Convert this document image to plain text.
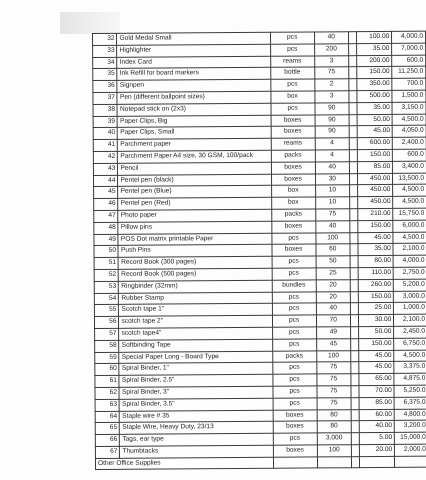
32	Gold Medal Small	pcs	40		100.00	4,000.0
33	Highlighter	pcs	200		35.00	7,000.0
34	Index Card	reams	3		200.00	600.0
35	Ink Refill for board markers	bottle	75		150.00	11,250.0
36	Signpen	pcs	2		350.00	700.0
37	Pen (different ballpoint sizes)	box	3		500.00	1,500.0
38	Notepad stick on (2x3)	pcs	90		35.00	3,150.0
39	Paper Clips, Big	boxes	90		50.00	4,500.0
40	Paper Clips, Small	boxes	90		45.00	4,050.0
41	Parchment paper	reams	4		600.00	2,400.0
42	Parchment Paper A4 size, 30 GSM, 100/pack	packs	4		150.00	600.0
43	Pencil	boxes	40		85.00	3,400.0
44	Pentel pen (black)	boxes	30		450.00	13,500.0
45	Pentel pen (Blue)	box	10		450.00	4,500.0
46	Pentel pen (Red)	box	10		450.00	4,500.0
47	Photo paper	packs	75		210.00	15,750.0
48	Pillow pins	boxes	40		150.00	6,000.0
49	POS Dot matrix printable Paper	pcs	100		45.00	4,500.0
50	Push Pins	boxes	60		35.00	2,100.0
51	Record Book (300 pages)	pcs	50		80.00	4,000.0
52	Record Book (500 pages)	pcs	25		110.00	2,750.0
53	Ringbinder (32mm)	bundles	20		260.00	5,200.0
54	Rubber Stamp	pcs	20		150.00	3,000.0
55	Scotch tape 1"	pcs	40		25.00	1,000.0
56	scotch tape 2"	pcs	70		30.00	2,100.0
57	scotch tape4"	pcs	49		50.00	2,450.0
58	Softbinding Tape	pcs	45		150.00	6,750.0
59	Special Paper Long - Board Type	packs	100		45.00	4,500.0
60	Spiral Binder, 1"	pcs	75		45.00	3,375.0
61	Spiral Binder, 2.5"	pcs	75		65.00	4,875.0
62	Spiral Binder, 3"	pcs	75		70.00	5,250.0
63	Spiral Binder, 3.5"	pcs	75		85.00	6,375.0
64	Staple wire # 35	boxes	80		60.00	4,800.0
65	Staple Wire, Heavy Duty, 23/13	boxes	80		40.00	3,200.0
66	Tags, ear type	pcs	3,000		5.00	15,000.0
67	Thumbtacks	boxes	100		20.00	2,000.0
Other Office Supplies						
